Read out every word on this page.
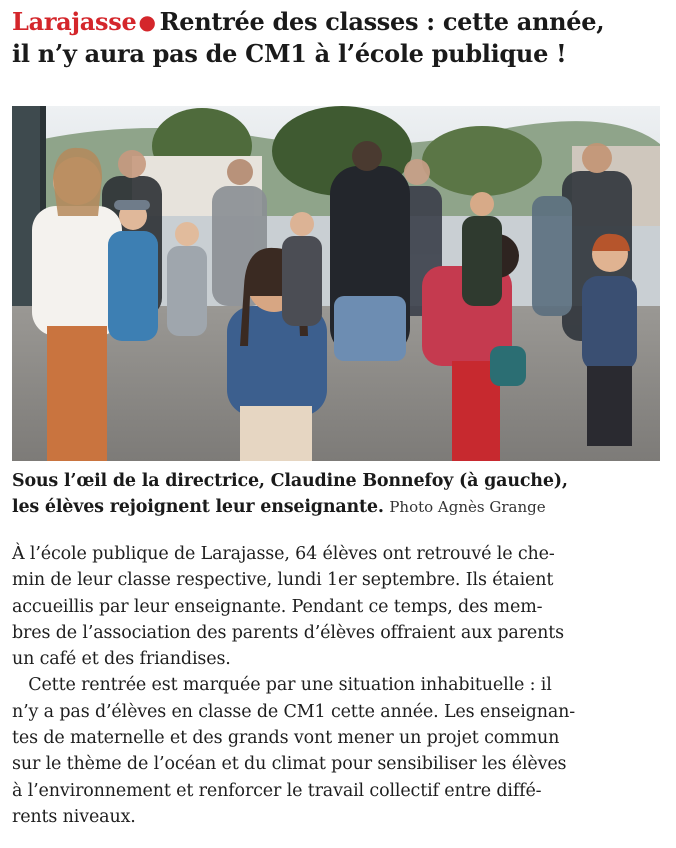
Larajasse ● Rentrée des classes : cette année,
il n’y aura pas de CM1 à l’école publique !
Sous l’œil de la directrice, Claudine Bonnefoy (à gauche),
les élèves rejoignent leur enseignante. Photo Agnès Grange
À l’école publique de Larajasse, 64 élèves ont retrouvé le che-
min de leur classe respective, lundi 1er septembre. Ils étaient
accueillis par leur enseignante. Pendant ce temps, des mem-
bres de l’association des parents d’élèves offraient aux parents
un café et des friandises.
Cette rentrée est marquée par une situation inhabituelle : il
n’y a pas d’élèves en classe de CM1 cette année. Les enseignan-
tes de maternelle et des grands vont mener un projet commun
sur le thème de l’océan et du climat pour sensibiliser les élèves
à l’environnement et renforcer le travail collectif entre diffé-
rents niveaux.
